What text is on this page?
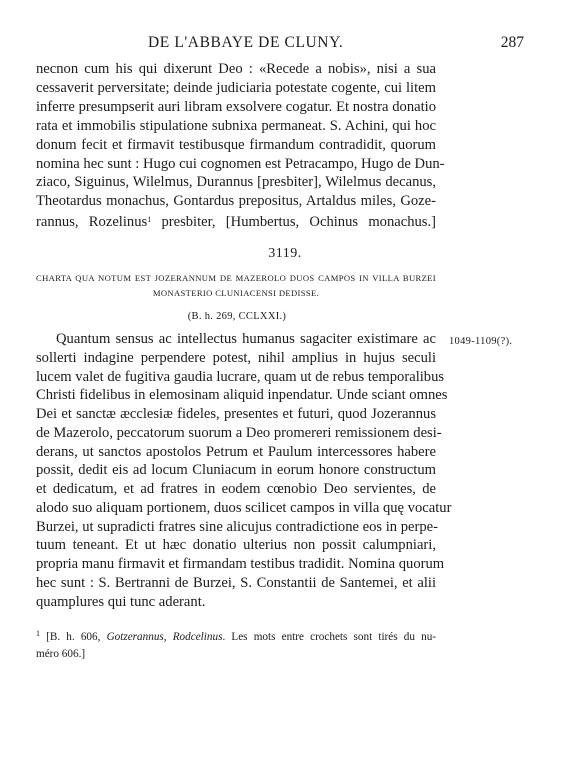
DE L'ABBAYE DE CLUNY.	287
necnon cum his qui dixerunt Deo : «Recede a nobis», nisi a sua
cessaverit perversitate; deinde judiciaria potestate cogente, cui litem
inferre presumpserit auri libram exsolvere cogatur. Et nostra donatio
rata et immobilis stipulatione subnixa permaneat. S. Achini, qui hoc
donum fecit et firmavit testibusque firmandum contradidit, quorum
nomina hec sunt : Hugo cui cognomen est Petracampo, Hugo de Dun-
ziaco, Siguinus, Wilelmus, Durannus [presbiter], Wilelmus decanus,
Theotardus monachus, Gontardus prepositus, Artaldus miles, Goze-
rannus, Rozelinus$^1$ presbiter, [Humbertus, Ochinus monachus.]
3119.
CHARTA QUA NOTUM EST JOZERANNUM DE MAZEROLO DUOS CAMPOS IN VILLA BURZEI
MONASTERIO CLUNIACENSI DEDISSE.
(B. h. 269, CCLXXI.)
1049-1109(?).
Quantum sensus ac intellectus humanus sagaciter existimare ac
sollerti indagine perpendere potest, nihil amplius in hujus seculi
lucem valet de fugitiva gaudia lucrare, quam ut de rebus temporalibus
Christi fidelibus in elemosinam aliquid inpendatur. Unde sciant omnes
Dei et sanctæ æcclesiæ fideles, presentes et futuri, quod Jozerannus
de Mazerolo, peccatorum suorum a Deo promereri remissionem desi-
derans, ut sanctos apostolos Petrum et Paulum intercessores habere
possit, dedit eis ad locum Cluniacum in eorum honore constructum
et dedicatum, et ad fratres in eodem cœnobio Deo servientes, de
alodo suo aliquam portionem, duos scilicet campos in villa quę vocatur
Burzei, ut supradicti fratres sine alicujus contradictione eos in perpe-
tuum teneant. Et ut hæc donatio ulterius non possit calumpniari,
propria manu firmavit et firmandam testibus tradidit. Nomina quorum
hec sunt : S. Bertranni de Burzei, S. Constantii de Santemei, et alii
quamplures qui tunc aderant.
$^1$ [B. h. 606, Gotzerannus, Rodcelinus. Les mots entre crochets sont tirés du nu-
méro 606.]
